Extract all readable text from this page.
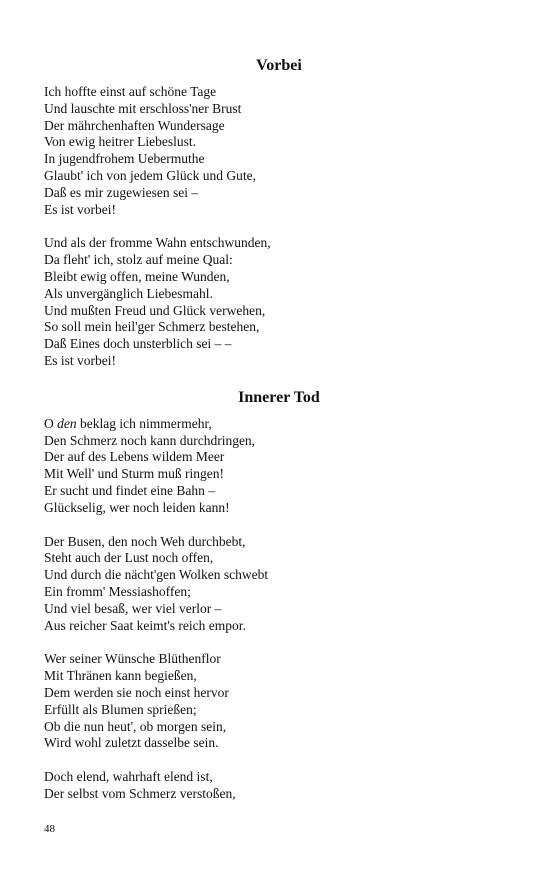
Vorbei
Ich hoffte einst auf schöne Tage
Und lauschte mit erschloss'ner Brust
Der mährchenhaften Wundersage
Von ewig heitrer Liebeslust.
In jugendfrohem Uebermuthe
Glaubt' ich von jedem Glück und Gute,
Daß es mir zugewiesen sei –
Es ist vorbei!
Und als der fromme Wahn entschwunden,
Da fleht' ich, stolz auf meine Qual:
Bleibt ewig offen, meine Wunden,
Als unvergänglich Liebesmahl.
Und mußten Freud und Glück verwehen,
So soll mein heil'ger Schmerz bestehen,
Daß Eines doch unsterblich sei – –
Es ist vorbei!
Innerer Tod
O den beklag ich nimmermehr,
Den Schmerz noch kann durchdringen,
Der auf des Lebens wildem Meer
Mit Well' und Sturm muß ringen!
Er sucht und findet eine Bahn –
Glückselig, wer noch leiden kann!
Der Busen, den noch Weh durchbebt,
Steht auch der Lust noch offen,
Und durch die nächt'gen Wolken schwebt
Ein fromm' Messiashoffen;
Und viel besaß, wer viel verlor –
Aus reicher Saat keimt's reich empor.
Wer seiner Wünsche Blüthenflor
Mit Thränen kann begießen,
Dem werden sie noch einst hervor
Erfüllt als Blumen sprießen;
Ob die nun heut', ob morgen sein,
Wird wohl zuletzt dasselbe sein.
Doch elend, wahrhaft elend ist,
Der selbst vom Schmerz verstoßen,
48
